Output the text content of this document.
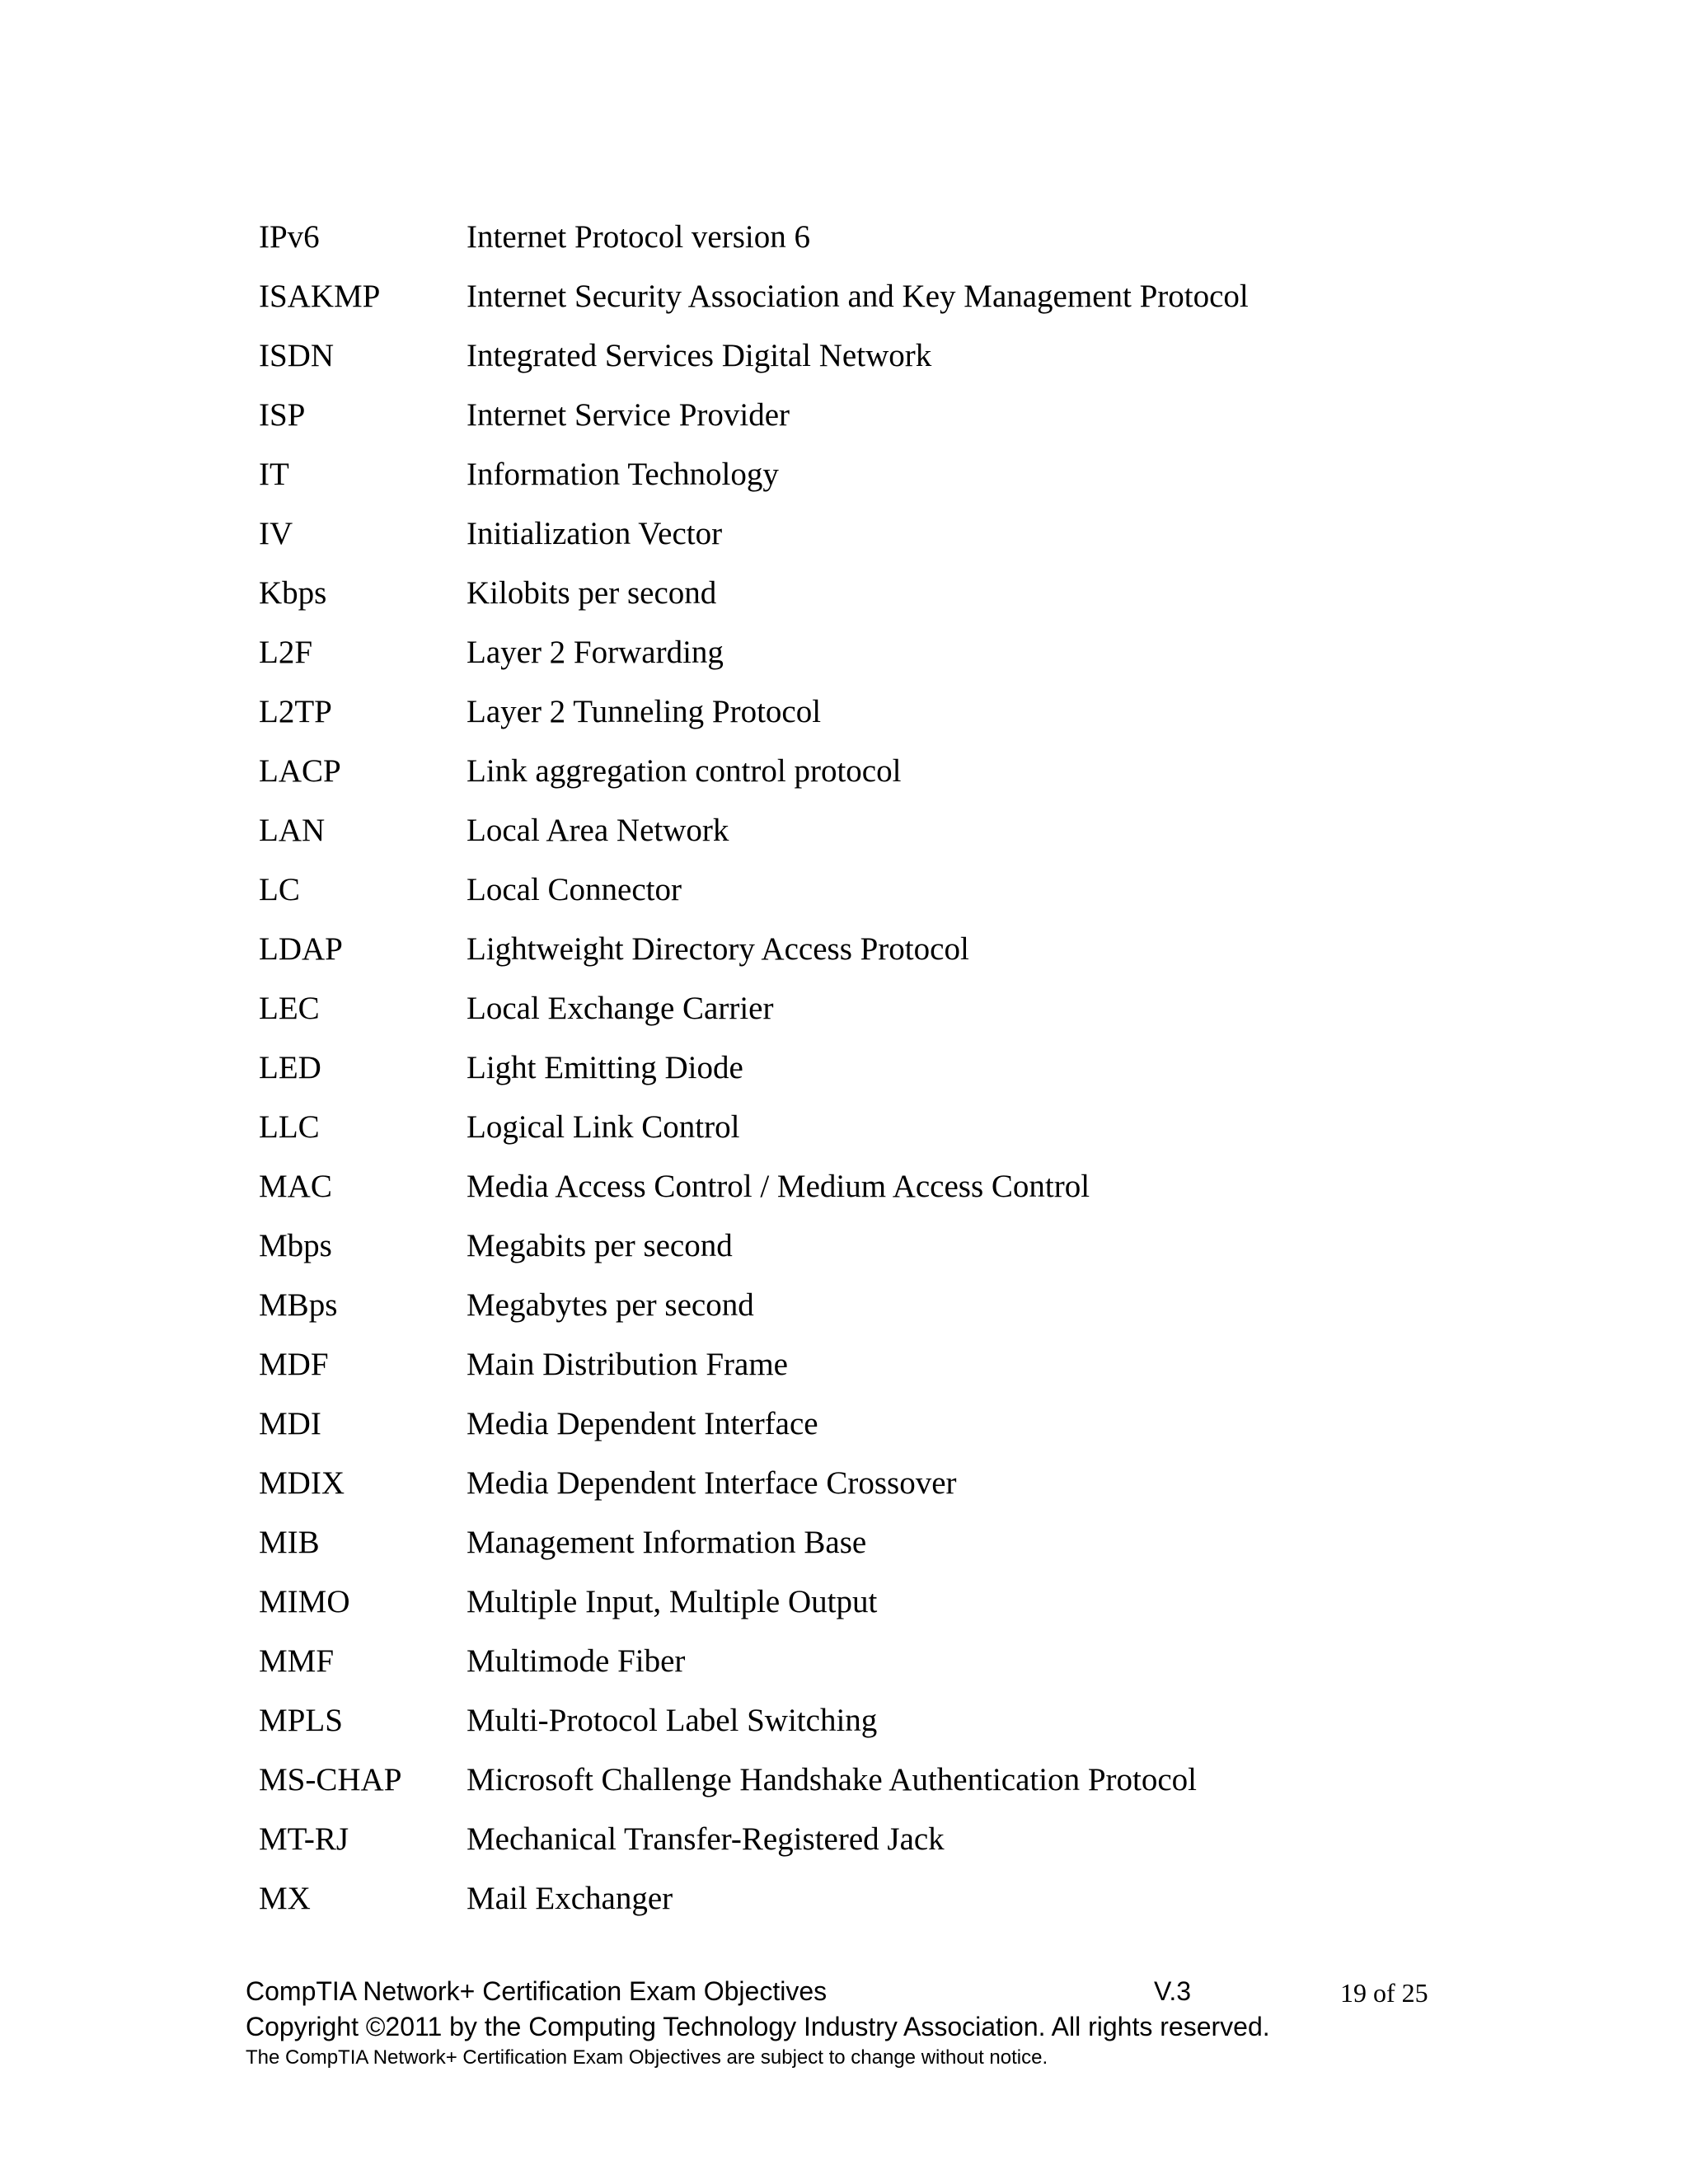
IPv6	Internet Protocol version 6
ISAKMP	Internet Security Association and Key Management Protocol
ISDN	Integrated Services Digital Network
ISP	Internet Service Provider
IT	Information Technology
IV	Initialization Vector
Kbps	Kilobits per second
L2F	Layer 2 Forwarding
L2TP	Layer 2 Tunneling Protocol
LACP	Link aggregation control protocol
LAN	Local Area Network
LC	Local Connector
LDAP	Lightweight Directory Access Protocol
LEC	Local Exchange Carrier
LED	Light Emitting Diode
LLC	Logical Link Control
MAC	Media Access Control / Medium Access Control
Mbps	Megabits per second
MBps	Megabytes per second
MDF	Main Distribution Frame
MDI	Media Dependent Interface
MDIX	Media Dependent Interface Crossover
MIB	Management Information Base
MIMO	Multiple Input, Multiple Output
MMF	Multimode Fiber
MPLS	Multi-Protocol Label Switching
MS-CHAP	Microsoft Challenge Handshake Authentication Protocol
MT-RJ	Mechanical Transfer-Registered Jack
MX	Mail Exchanger
CompTIA Network+ Certification Exam Objectives	V.3	19 of 25
Copyright ©2011 by the Computing Technology Industry Association. All rights reserved.
The CompTIA Network+ Certification Exam Objectives are subject to change without notice.
